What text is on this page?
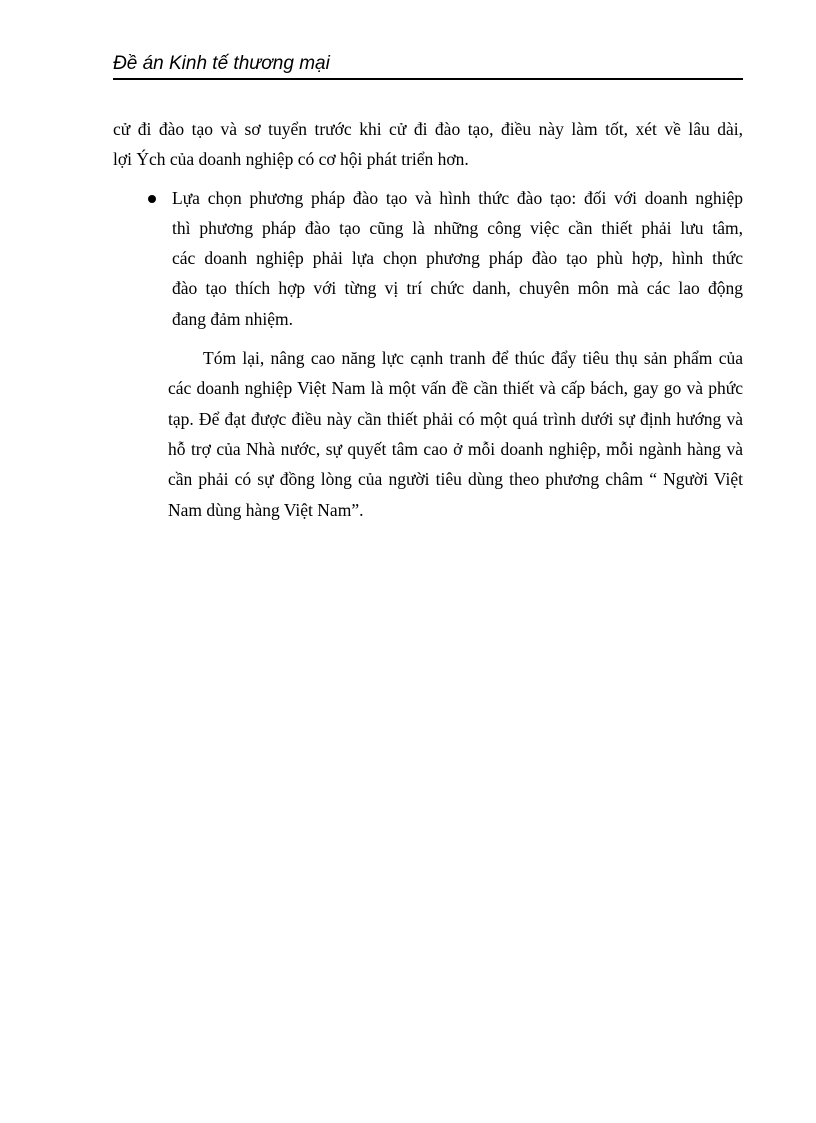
Đề án Kinh tế thương mại

cử đi đào tạo và sơ tuyển trước khi cử đi đào tạo, điều này làm tốt, xét về lâu dài,
lợi Ých của doanh nghiệp có cơ hội phát triển hơn.

Lựa chọn phương pháp đào tạo và hình thức đào tạo: đối với doanh nghiệp
thì phương pháp đào tạo cũng là những công việc cần thiết phải lưu tâm,
các doanh nghiệp phải lựa chọn phương pháp đào tạo phù hợp, hình thức
đào tạo thích hợp với từng vị trí chức danh, chuyên môn mà các lao động
đang đảm nhiệm.

Tóm lại, nâng cao năng lực cạnh tranh để thúc đẩy tiêu thụ sản phẩm của
các doanh nghiệp Việt Nam là một vấn đề cần thiết và cấp bách, gay go và phức
tạp. Để đạt được điều này cần thiết phải có một quá trình dưới sự định hướng và
hỗ trợ của Nhà nước, sự quyết tâm cao ở mỗi doanh nghiệp, mỗi ngành hàng và
cần phải có sự đồng lòng của người tiêu dùng theo phương châm “ Người Việt
Nam dùng hàng Việt Nam”.
